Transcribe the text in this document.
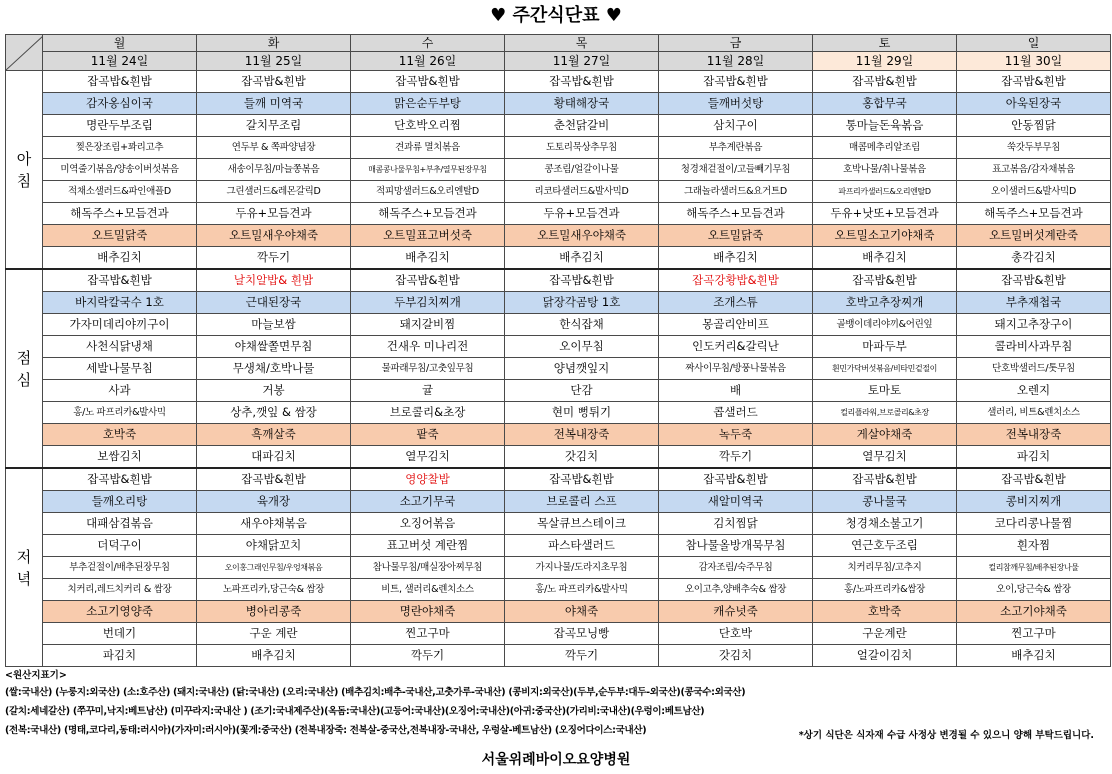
♥ 주간식단표 ♥
	월	화	수	목	금	토	일
	11월 24일	11월 25일	11월 26일	11월 27일	11월 28일	11월 29일	11월 30일
아
침	잡곡밥&흰밥	잡곡밥&흰밥	잡곡밥&흰밥	잡곡밥&흰밥	잡곡밥&흰밥	잡곡밥&흰밥	잡곡밥&흰밥
	감자옹심이국	들깨 미역국	맑은순두부탕	황태해장국	들깨버섯탕	홍합무국	아욱된장국
	명란두부조림	갈치무조림	단호박오리찜	춘천닭갈비	삼치구이	통마늘돈육볶음	안동찜닭
	찢은장조림+꽈리고추	연두부 & 쪽파양념장	견과류 멸치볶음	도토리묵상추무침	부추계란볶음	매콤메추리알조림	쑥갓두부무침
	미역줄기볶음/양송이버섯볶음	새송이무침/마늘쫑볶음	매콤콩나물무침+부추/열무된장무침	콩조림/얼갈이나물	청경채겉절이/고들빼기무침	호박나물/취나물볶음	표고볶음/감자채볶음
	적채소샐러드&파인애플D	그린샐러드&레몬갈릭D	적피망샐러드&오리엔탈D	리코타샐러드&발사믹D	그래놀라샐러드&요거트D	파프리카샐러드&오리엔탈D	오이샐러드&발사믹D
	해독주스+모듬견과	두유+모듬견과	해독주스+모듬견과	두유+모듬견과	해독주스+모듬견과	두유+낫또+모듬견과	해독주스+모듬견과
	오트밀닭죽	오트밀새우야채죽	오트밀표고버섯죽	오트밀새우야채죽	오트밀닭죽	오트밀소고기야채죽	오트밀버섯계란죽
	배추김치	깍두기	배추김치	배추김치	배추김치	배추김치	총각김치
점
심	잡곡밥&흰밥	날치알밥& 흰밥	잡곡밥&흰밥	잡곡밥&흰밥	잡곡강황밥&흰밥	잡곡밥&흰밥	잡곡밥&흰밥
	바지락칼국수 1호	근대된장국	두부김치찌개	닭장각곰탕 1호	조개스튜	호박고추장찌개	부추재첩국
	가자미데리야끼구이	마늘보쌈	돼지갈비찜	한식잡채	몽골리안비프	골뱅이데리야끼&어린잎	돼지고추장구이
	사천식닭냉채	야채쌀쫄면무침	건새우 미나리전	오이무침	인도커리&갈릭난	마파두부	콜라비사과무침
	세발나물무침	무생채/호박나물	물파래무침/고춧잎무침	양념깻잎지	짜사이무침/방풍나물볶음	흰민가닥버섯볶음/비타민겉절이	단호박샐러드/톳무침
	사과	거봉	귤	단감	배	토마토	오렌지
	홍/노 파프리카&발사믹	상추,깻잎 & 쌈장	브로콜리&초장	현미 뻥튀기	콥샐러드	컬리플라워,브로콜리&초장	샐러리, 비트&렌치소스
	호박죽	흑깨살죽	팥죽	전복내장죽	녹두죽	게살야채죽	전복내장죽
	보쌈김치	대파김치	열무김치	갓김치	깍두기	열무김치	파김치
저
녁	잡곡밥&흰밥	잡곡밥&흰밥	영양찰밥	잡곡밥&흰밥	잡곡밥&흰밥	잡곡밥&흰밥	잡곡밥&흰밥
	들깨오리탕	육개장	소고기무국	브로콜리 스프	새알미역국	콩나물국	콩비지찌개
	대패삼겹볶음	새우야채볶음	오징어볶음	목살큐브스테이크	김치찜닭	청경채소불고기	코다리콩나물찜
	더덕구이	야채닭꼬치	표고버섯 계란찜	파스타샐러드	참나물올방개묵무침	연근호두조림	흰자찜
	부추겉절이/배추된장무침	오이홍그래인무침/우엉채볶음	참나물무침/매실장아찌무침	가지나물/도라지초무침	감자조림/숙주무침	치커리무침/고추지	컬리참깨무침/배추된장나물
	치커리,레드치커리 & 쌈장	노파프리카,당근숙& 쌈장	비트, 샐러리&렌치소스	홍/노 파프리카&발사믹	오이고추,양배추숙& 쌈장	홍/노파프리카&쌈장	오이,당근숙& 쌈장
	소고기영양죽	병아리콩죽	명란야채죽	야채죽	캐슈넛죽	호박죽	소고기야채죽
	번데기	구운 계란	찐고구마	잡곡모닝빵	단호박	구운계란	찐고구마
	파김치	배추김치	깍두기	깍두기	갓김치	얼갈이김치	배추김치
<원산지표기>
(쌀:국내산) (누룽지:외국산) (소:호주산) (돼지:국내산) (닭:국내산) (오리:국내산) (배추김치:배추-국내산,고춧가루-국내산) (콩비지:외국산)(두부,순두부:대두-외국산)(콩국수:외국산)
(갈치:세네갈산) (쭈꾸미,낙지:베트남산) (미꾸라지:국내산 ) (조기:국내제주산)(옥돔:국내산)(고등어:국내산)(오징어:국내산)(아귀:중국산)(가리비:국내산)(우렁이:베트남산)
(전복:국내산) (명태,코다리,동태:러시아)(가자미:러시아)(꽃게:중국산) (전복내장죽: 전복살-중국산,전복내장-국내산, 우렁살-베트남산) (오징어다이스:국내산)	*상기 식단은 식자재 수급 사정상 변경될 수 있으니 양해 부탁드립니다.
서울위례바이오요양병원
